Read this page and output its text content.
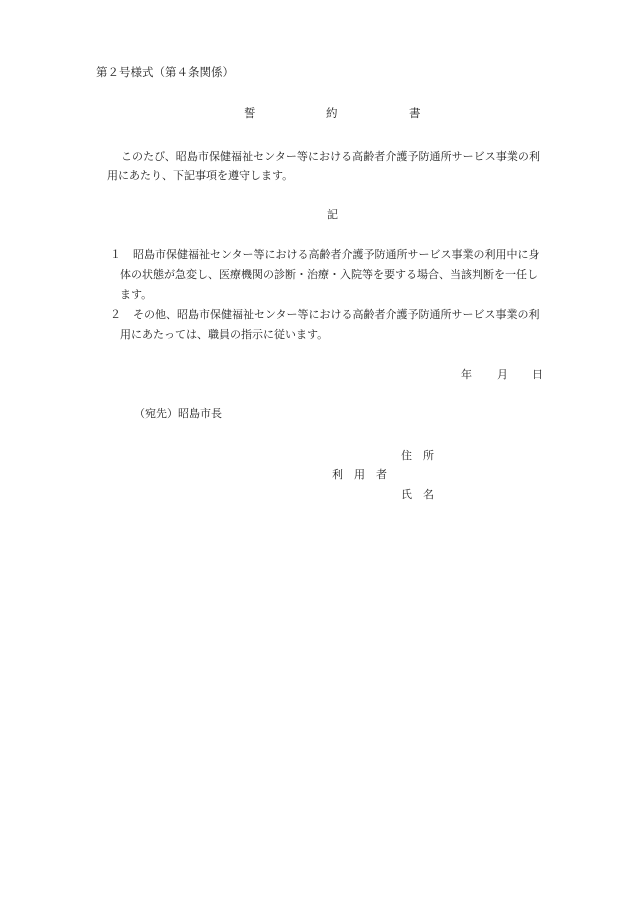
第２号様式（第４条関係）
誓	約	書
このたび、昭島市保健福祉センター等における高齢者介護予防通所サービス事業の利
用にあたり、下記事項を遵守します。
記
１ 昭島市保健福祉センター等における高齢者介護予防通所サービス事業の利用中に身
体の状態が急変し、医療機関の診断・治療・入院等を要する場合、当該判断を一任し
ます。
２ その他、昭島市保健福祉センター等における高齢者介護予防通所サービス事業の利
用にあたっては、職員の指示に従います。
年 月 日
（宛先）昭島市長
住　所
利　用　者
氏　名
